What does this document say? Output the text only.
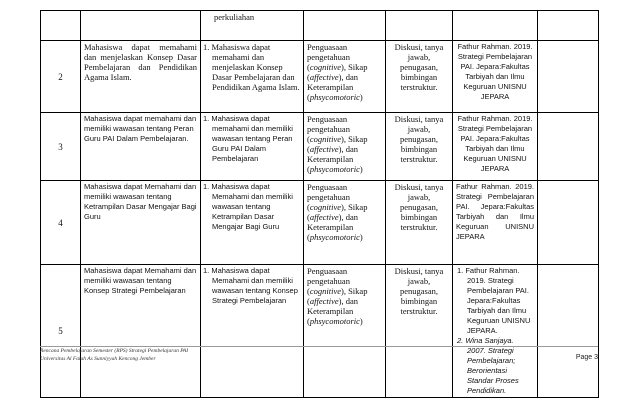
		perkuliahan				
2	Mahasiswa dapat memahami dan menjelaskan Konsep Dasar Pembelajaran dan Pendidikan Agama Islam.	1. Mahasiswa dapat memahami dan menjelaskan Konsep Dasar Pembelajaran dan Pendidikan Agama Islam.	Penguasaan pengetahuan (cognitive), Sikap (affective), dan Keterampilan (phsycomotoric)	Diskusi, tanya jawab, penugasan, bimbingan terstruktur.	Fathur Rahman. 2019. Strategi Pembelajaran PAI. Jepara:Fakultas Tarbiyah dan Ilmu Keguruan UNISNU JEPARA	
3	Mahasiswa dapat memahami dan memiliki wawasan tentang Peran Guru PAI Dalam Pembelajaran.	1. Mahasiswa dapat memahami dan memiliki wawasan tentang Peran Guru PAI Dalam Pembelajaran	Penguasaan pengetahuan (cognitive), Sikap (affective), dan Keterampilan (phsycomotoric)	Diskusi, tanya jawab, penugasan, bimbingan terstruktur.	Fathur Rahman. 2019. Strategi Pembelajaran PAI. Jepara:Fakultas Tarbiyah dan Ilmu Keguruan UNISNU JEPARA	
4	Mahasiswa dapat Memahami dan memiliki wawasan tentang Ketrampilan Dasar Mengajar Bagi Guru	1. Mahasiswa dapat Memahami dan memiliki wawasan tentang Ketrampilan Dasar Mengajar Bagi Guru	Penguasaan pengetahuan (cognitive), Sikap (affective), dan Keterampilan (phsycomotoric)	Diskusi, tanya jawab, penugasan, bimbingan terstruktur.	Fathur Rahman. 2019. Strategi Pembelajaran PAI. Jepara:Fakultas Tarbiyah dan Ilmu Keguruan UNISNU JEPARA	
5	Mahasiswa dapat Memahami dan memiliki wawasan tentang Konsep Strategi Pembelajaran	1. Mahasiswa dapat Memahami dan memiliki wawasan tentang Konsep Strategi Pembelajaran	Penguasaan pengetahuan (cognitive), Sikap (affective), dan Keterampilan (phsycomotoric)	Diskusi, tanya jawab, penugasan, bimbingan terstruktur.	1. Fathur Rahman. 2019. Strategi Pembelajaran PAI. Jepara:Fakultas Tarbiyah dan Ilmu Keguruan UNISNU JEPARA.
2. Wina Sanjaya. 2007. Strategi Pembelajaran; Berorientasi Standar Proses Pendidikan.	

Rencana Pembelajaran Semester (RPS) Strategi Pembelajaran PAI
Universitas Al Falah As Sunniyyah Kencong Jember	Page 3
